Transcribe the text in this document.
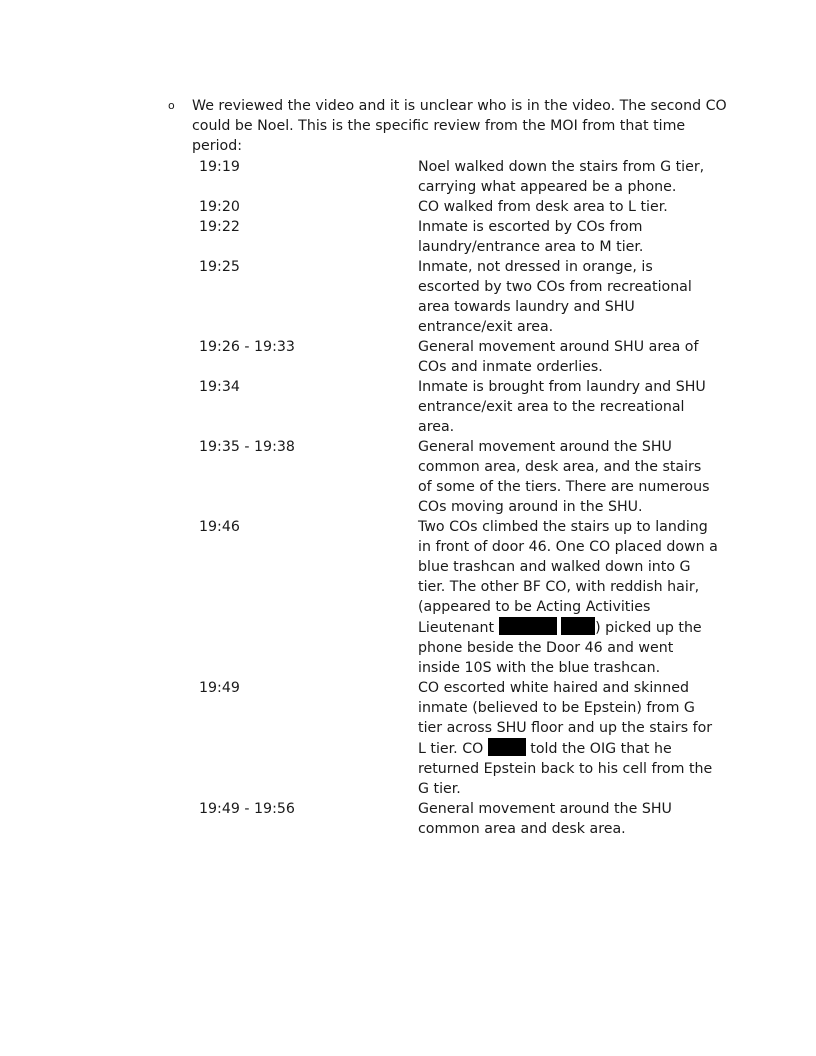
o We reviewed the video and it is unclear who is in the video. The second CO could be Noel. This is the specific review from the MOI from that time period:
19:19	Noel walked down the stairs from G tier, carrying what appeared be a phone.
19:20	CO walked from desk area to L tier.
19:22	Inmate is escorted by COs from laundry/entrance area to M tier.
19:25	Inmate, not dressed in orange, is escorted by two COs from recreational area towards laundry and SHU entrance/exit area.
19:26 - 19:33	General movement around SHU area of COs and inmate orderlies.
19:34	Inmate is brought from laundry and SHU entrance/exit area to the recreational area.
19:35 - 19:38	General movement around the SHU common area, desk area, and the stairs of some of the tiers. There are numerous COs moving around in the SHU.
19:46	Two COs climbed the stairs up to landing in front of door 46. One CO placed down a blue trashcan and walked down into G tier. The other BF CO, with reddish hair, (appeared to be Acting Activities Lieutenant	) picked up the phone beside the Door 46 and went inside 10S with the blue trashcan.
19:49	CO escorted white haired and skinned inmate (believed to be Epstein) from G tier across SHU floor and up the stairs for L tier. CO	told the OIG that he returned Epstein back to his cell from the G tier.
19:49 - 19:56	General movement around the SHU common area and desk area.
